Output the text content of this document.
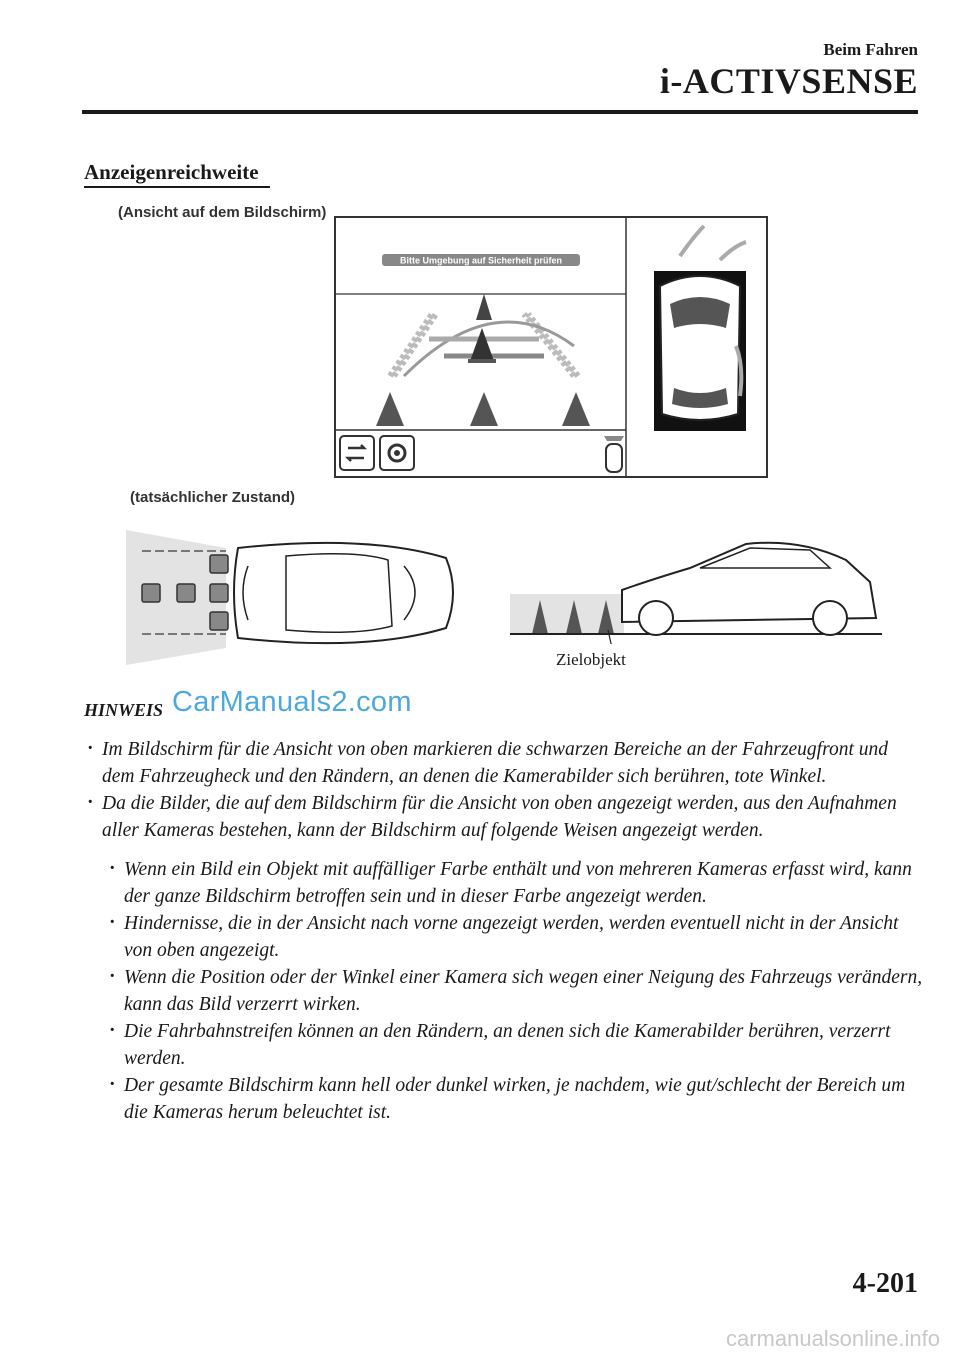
Beim Fahren
i-ACTIVSENSE
Anzeigenreichweite
(Ansicht auf dem Bildschirm)
(tatsächlicher Zustand)
Bitte Umgebung auf Sicherheit prüfen
Zielobjekt
HINWEIS CarManuals2.com

· Im Bildschirm für die Ansicht von oben markieren die schwarzen Bereiche an der Fahrzeugfront und dem Fahrzeugheck und den Rändern, an denen die Kamerabilder sich berühren, tote Winkel.

· Da die Bilder, die auf dem Bildschirm für die Ansicht von oben angezeigt werden, aus den Aufnahmen aller Kameras bestehen, kann der Bildschirm auf folgende Weisen angezeigt werden.

· Wenn ein Bild ein Objekt mit auffälliger Farbe enthält und von mehreren Kameras erfasst wird, kann der ganze Bildschirm betroffen sein und in dieser Farbe angezeigt werden.

· Hindernisse, die in der Ansicht nach vorne angezeigt werden, werden eventuell nicht in der Ansicht von oben angezeigt.

· Wenn die Position oder der Winkel einer Kamera sich wegen einer Neigung des Fahrzeugs verändern, kann das Bild verzerrt wirken.

· Die Fahrbahnstreifen können an den Rändern, an denen sich die Kamerabilder berühren, verzerrt werden.

· Der gesamte Bildschirm kann hell oder dunkel wirken, je nachdem, wie gut/schlecht der Bereich um die Kameras herum beleuchtet ist.

4-201
carmanualsonline.info
